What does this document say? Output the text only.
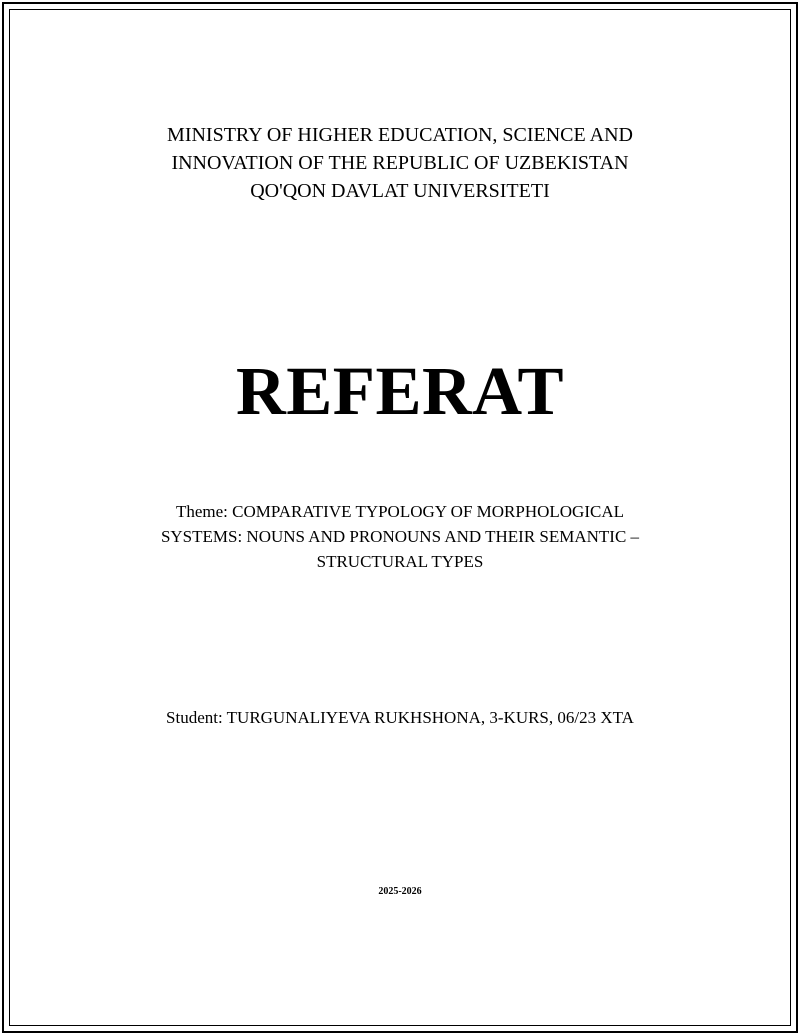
MINISTRY OF HIGHER EDUCATION, SCIENCE AND
INNOVATION OF THE REPUBLIC OF UZBEKISTAN
QO'QON DAVLAT UNIVERSITETI
REFERAT
Theme: COMPARATIVE TYPOLOGY OF MORPHOLOGICAL
SYSTEMS: NOUNS AND PRONOUNS AND THEIR SEMANTIC –
STRUCTURAL TYPES
Student: TURGUNALIYEVA RUKHSHONA, 3-KURS, 06/23 XTA
2025-2026
